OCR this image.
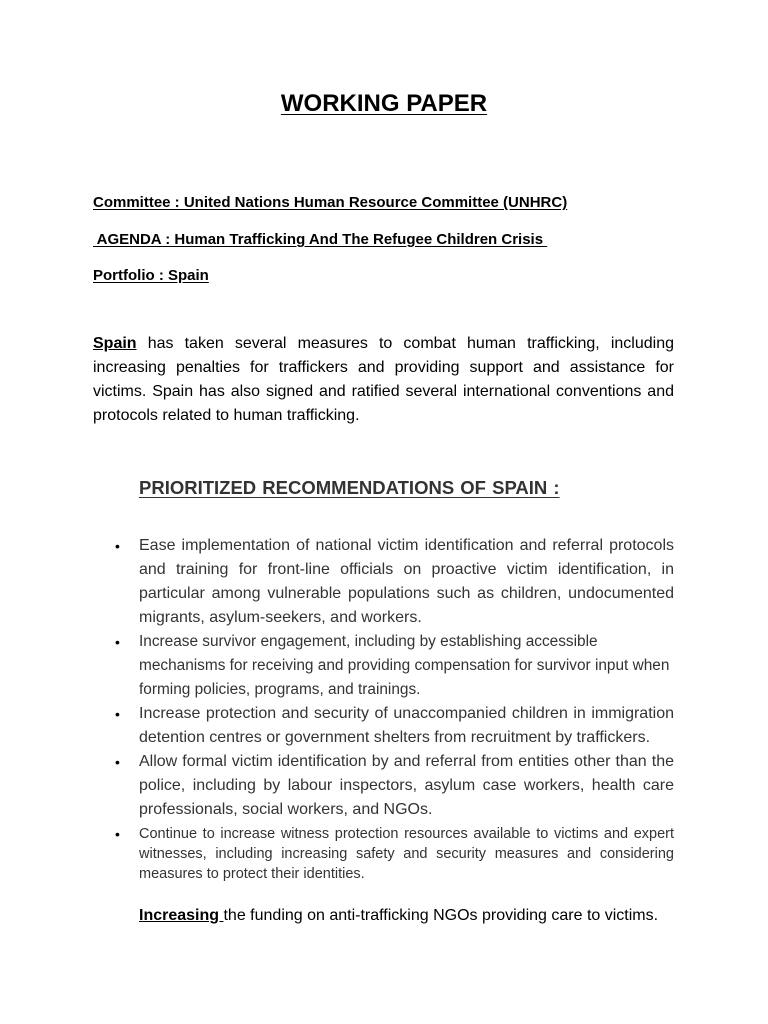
WORKING PAPER
Committee : United Nations Human Resource Committee (UNHRC)
AGENDA : Human Trafficking And The Refugee Children Crisis
Portfolio : Spain

Spain has taken several measures to combat human trafficking, including increasing penalties for traffickers and providing support and assistance for victims. Spain has also signed and ratified several international conventions and protocols related to human trafficking.

PRIORITIZED RECOMMENDATIONS OF SPAIN :
• Ease implementation of national victim identification and referral protocols and training for front-line officials on proactive victim identification, in particular among vulnerable populations such as children, undocumented migrants, asylum-seekers, and workers.
• Increase survivor engagement, including by establishing accessible mechanisms for receiving and providing compensation for survivor input when forming policies, programs, and trainings.
• Increase protection and security of unaccompanied children in immigration detention centres or government shelters from recruitment by traffickers.
• Allow formal victim identification by and referral from entities other than the police, including by labour inspectors, asylum case workers, health care professionals, social workers, and NGOs.
• Continue to increase witness protection resources available to victims and expert witnesses, including increasing safety and security measures and considering measures to protect their identities.
Increasing the funding on anti-trafficking NGOs providing care to victims.
